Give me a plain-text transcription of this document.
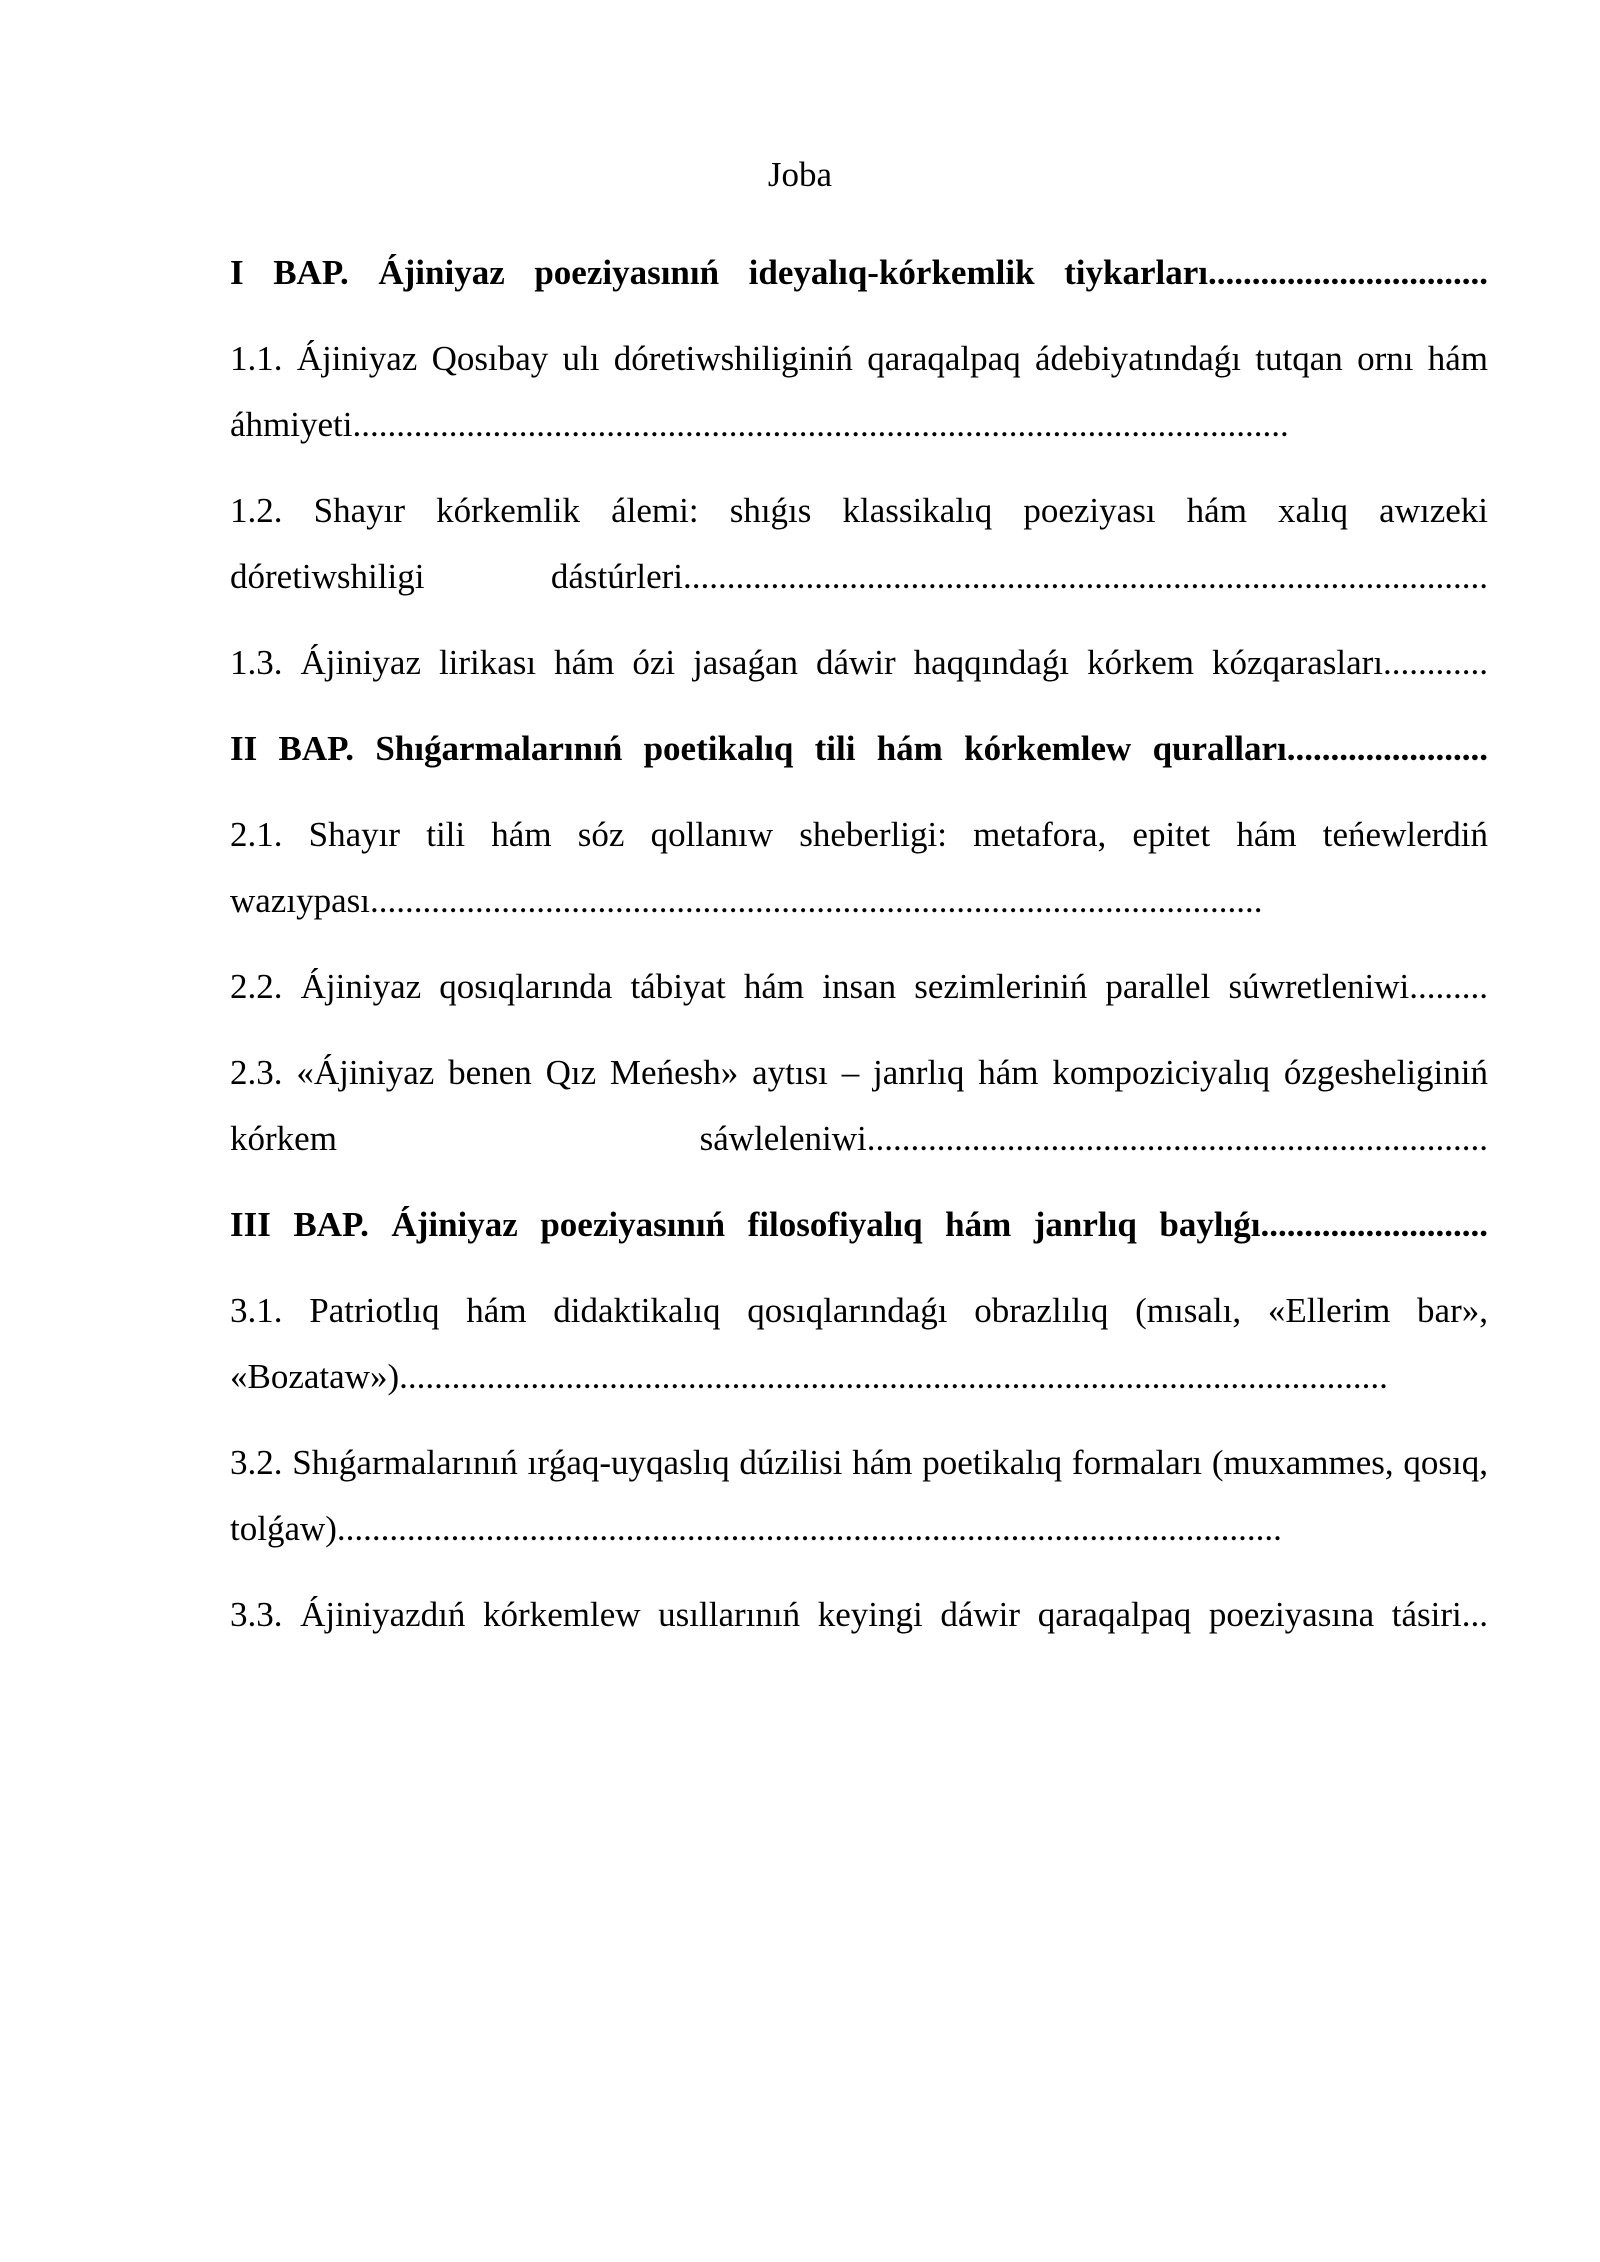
Joba
I BAP. Ájiniyaz poeziyasınıń ideyalıq-kórkemlik tiykarları................................
1.1. Ájiniyaz Qosıbay ulı dóretiwshiliginiń qaraqalpaq ádebiyatındaǵı tutqan ornı hám áhmiyeti...........................................................................................................
1.2. Shayır kórkemlik álemi: shıǵıs klassikalıq poeziyası hám xalıq awızeki dóretiwshiligi dástúrleri............................................................................................
1.3. Ájiniyaz lirikası hám ózi jasaǵan dáwir haqqındaǵı kórkem kózqarasları............
II BAP. Shıǵarmalarınıń poetikalıq tili hám kórkemlew quralları.......................
2.1. Shayır tili hám sóz qollanıw sheberligi: metafora, epitet hám teńewlerdiń wazıypası......................................................................................................
2.2. Ájiniyaz qosıqlarında tábiyat hám insan sezimleriniń parallel súwretleniwi.........
2.3. «Ájiniyaz benen Qız Meńesh» aytısı – janrlıq hám kompoziciyalıq ózgesheliginiń kórkem sáwleleniwi.......................................................................
III BAP. Ájiniyaz poeziyasınıń filosofiyalıq hám janrlıq baylıǵı..........................
3.1. Patriotlıq hám didaktikalıq qosıqlarındaǵı obrazlılıq (mısalı, «Ellerim bar», «Bozataw»).................................................................................................................
3.2. Shıǵarmalarınıń ırǵaq-uyqaslıq dúzilisi hám poetikalıq formaları (muxammes, qosıq, tolǵaw)............................................................................................................
3.3. Ájiniyazdıń kórkemlew usıllarınıń keyingi dáwir qaraqalpaq poeziyasına tásiri...
